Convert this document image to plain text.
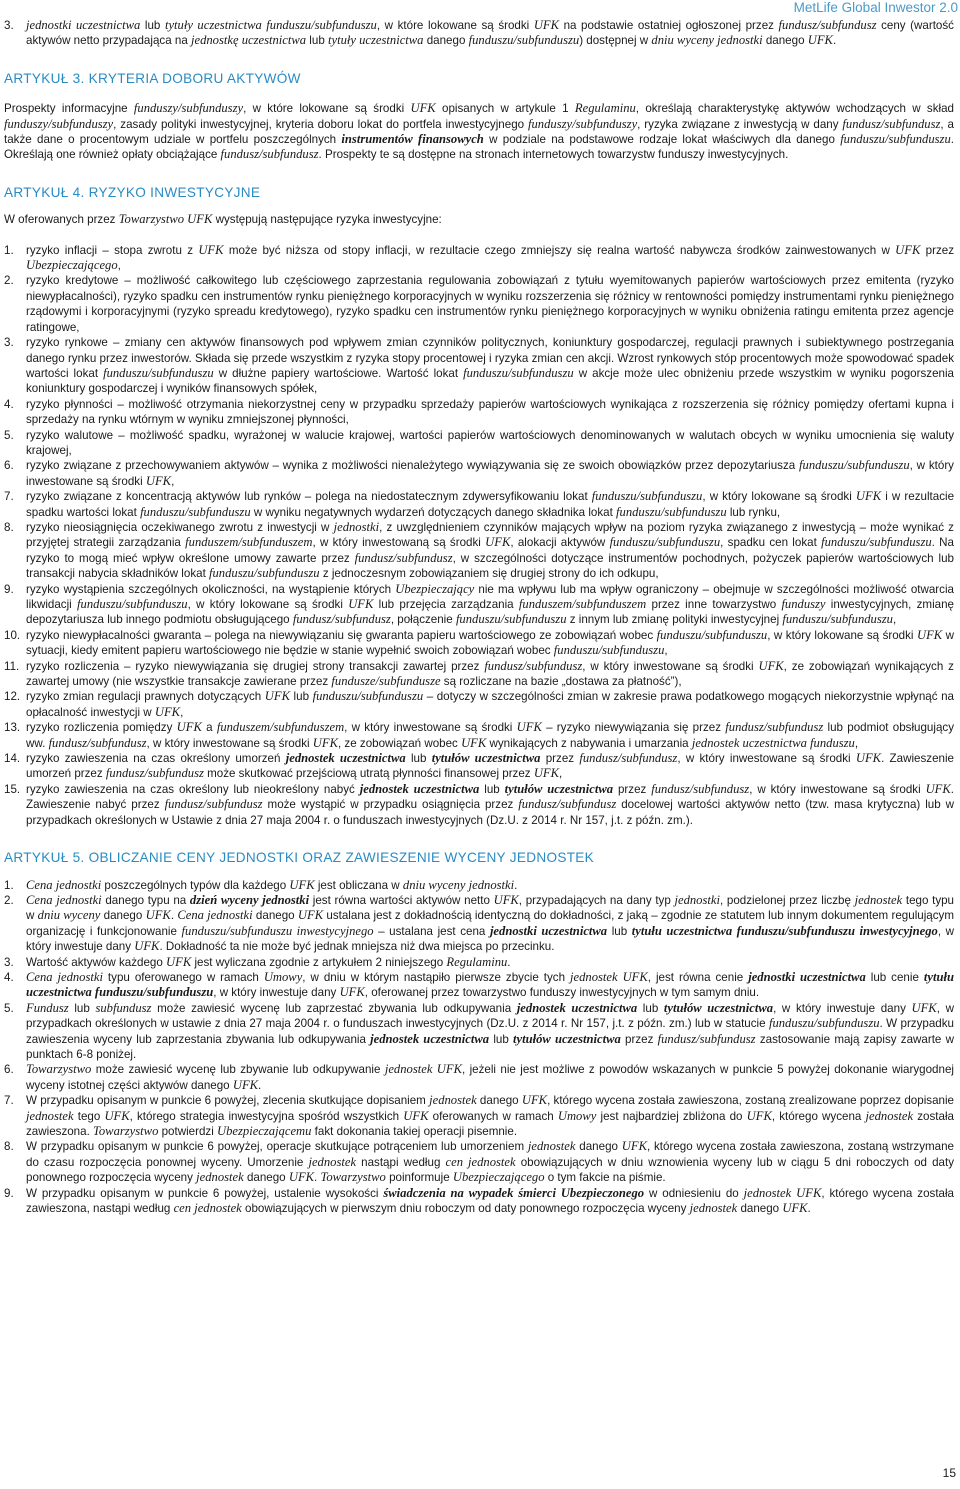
MetLife Global Inwestor 2.0
3. jednostki uczestnictwa lub tytuły uczestnictwa funduszu/subfunduszu, w które lokowane są środki UFK na podstawie ostatniej ogłoszonej przez fundusz/subfundusz ceny (wartość aktywów netto przypadająca na jednostkę uczestnictwa lub tytuły uczestnictwa danego funduszu/subfunduszu) dostępnej w dniu wyceny jednostki danego UFK.
ARTYKUŁ 3. KRYTERIA DOBORU AKTYWÓW

Prospekty informacyjne funduszy/subfunduszy, w które lokowane są środki UFK opisanych w artykule 1 Regulaminu, określają charakterystykę aktywów wchodzących w skład funduszy/subfunduszy, zasady polityki inwestycyjnej, kryteria doboru lokat do portfela inwestycyjnego funduszy/subfunduszy, ryzyka związane z inwestycją w dany fundusz/subfundusz, a także dane o procentowym udziale w portfelu poszczególnych instrumentów finansowych w podziale na podstawowe rodzaje lokat właściwych dla danego funduszu/subfunduszu. Określają one również opłaty obciążające fundusz/subfundusz. Prospekty te są dostępne na stronach internetowych towarzystw funduszy inwestycyjnych.

ARTYKUŁ 4. RYZYKO INWESTYCYJNE

W oferowanych przez Towarzystwo UFK występują następujące ryzyka inwestycyjne:

1. ryzyko inflacji – stopa zwrotu z UFK może być niższa od stopy inflacji, w rezultacie czego zmniejszy się realna wartość nabywcza środków zainwestowanych w UFK przez Ubezpieczającego,
2. ryzyko kredytowe – możliwość całkowitego lub częściowego zaprzestania regulowania zobowiązań z tytułu wyemitowanych papierów wartościowych przez emitenta (ryzyko niewypłacalności), ryzyko spadku cen instrumentów rynku pieniężnego korporacyjnych w wyniku rozszerzenia się różnicy w rentowności pomiędzy instrumentami rynku pieniężnego rządowymi i korporacyjnymi (ryzyko spreadu kredytowego), ryzyko spadku cen instrumentów rynku pieniężnego korporacyjnych w wyniku obniżenia ratingu emitenta przez agencje ratingowe,
3. ryzyko rynkowe – zmiany cen aktywów finansowych pod wpływem zmian czynników politycznych, koniunktury gospodarczej, regulacji prawnych i subiektywnego postrzegania danego rynku przez inwestorów. Składa się przede wszystkim z ryzyka stopy procentowej i ryzyka zmian cen akcji. Wzrost rynkowych stóp procentowych może spowodować spadek wartości lokat funduszu/subfunduszu w dłużne papiery wartościowe. Wartość lokat funduszu/subfunduszu w akcje może ulec obniżeniu przede wszystkim w wyniku pogorszenia koniunktury gospodarczej i wyników finansowych spółek,
4. ryzyko płynności – możliwość otrzymania niekorzystnej ceny w przypadku sprzedaży papierów wartościowych wynikająca z rozszerzenia się różnicy pomiędzy ofertami kupna i sprzedaży na rynku wtórnym w wyniku zmniejszonej płynności,
5. ryzyko walutowe – możliwość spadku, wyrażonej w walucie krajowej, wartości papierów wartościowych denominowanych w walutach obcych w wyniku umocnienia się waluty krajowej,
6. ryzyko związane z przechowywaniem aktywów – wynika z możliwości nienależytego wywiązywania się ze swoich obowiązków przez depozytariusza funduszu/subfunduszu, w który inwestowane są środki UFK,
7. ryzyko związane z koncentracją aktywów lub rynków – polega na niedostatecznym zdywersyfikowaniu lokat funduszu/subfunduszu, w który lokowane są środki UFK i w rezultacie spadku wartości lokat funduszu/subfunduszu w wyniku negatywnych wydarzeń dotyczących danego składnika lokat funduszu/subfunduszu lub rynku,
8. ryzyko nieosiągnięcia oczekiwanego zwrotu z inwestycji w jednostki, z uwzględnieniem czynników mających wpływ na poziom ryzyka związanego z inwestycją – może wynikać z przyjętej strategii zarządzania funduszem/subfunduszem, w który inwestowaną są środki UFK, alokacji aktywów funduszu/subfunduszu, spadku cen lokat funduszu/subfunduszu. Na ryzyko to mogą mieć wpływ określone umowy zawarte przez fundusz/subfundusz, w szczególności dotyczące instrumentów pochodnych, pożyczek papierów wartościowych lub transakcji nabycia składników lokat funduszu/subfunduszu z jednoczesnym zobowiązaniem się drugiej strony do ich odkupu,
9. ryzyko wystąpienia szczególnych okoliczności, na wystąpienie których Ubezpieczający nie ma wpływu lub ma wpływ ograniczony – obejmuje w szczególności możliwość otwarcia likwidacji funduszu/subfunduszu, w który lokowane są środki UFK lub przejęcia zarządzania funduszem/subfunduszem przez inne towarzystwo funduszy inwestycyjnych, zmianę depozytariusza lub innego podmiotu obsługującego fundusz/subfundusz, połączenie funduszu/subfunduszu z innym lub zmianę polityki inwestycyjnej funduszu/subfunduszu,
10. ryzyko niewypłacalności gwaranta – polega na niewywiązaniu się gwaranta papieru wartościowego ze zobowiązań wobec funduszu/subfunduszu, w który lokowane są środki UFK w sytuacji, kiedy emitent papieru wartościowego nie będzie w stanie wypełnić swoich zobowiązań wobec funduszu/subfunduszu,
11. ryzyko rozliczenia – ryzyko niewywiązania się drugiej strony transakcji zawartej przez fundusz/subfundusz, w który inwestowane są środki UFK, ze zobowiązań wynikających z zawartej umowy (nie wszystkie transakcje zawierane przez fundusze/subfundusze są rozliczane na bazie „dostawa za płatność”),
12. ryzyko zmian regulacji prawnych dotyczących UFK lub funduszu/subfunduszu – dotyczy w szczególności zmian w zakresie prawa podatkowego mogących niekorzystnie wpłynąć na opłacalność inwestycji w UFK,
13. ryzyko rozliczenia pomiędzy UFK a funduszem/subfunduszem, w który inwestowane są środki UFK – ryzyko niewywiązania się przez fundusz/subfundusz lub podmiot obsługujący ww. fundusz/subfundusz, w który inwestowane są środki UFK, ze zobowiązań wobec UFK wynikających z nabywania i umarzania jednostek uczestnictwa funduszu,
14. ryzyko zawieszenia na czas określony umorzeń jednostek uczestnictwa lub tytułów uczestnictwa przez fundusz/subfundusz, w który inwestowane są środki UFK. Zawieszenie umorzeń przez fundusz/subfundusz może skutkować przejściową utratą płynności finansowej przez UFK,
15. ryzyko zawieszenia na czas określony lub nieokreślony nabyć jednostek uczestnictwa lub tytułów uczestnictwa przez fundusz/subfundusz, w który inwestowane są środki UFK. Zawieszenie nabyć przez fundusz/subfundusz może wystąpić w przypadku osiągnięcia przez fundusz/subfundusz docelowej wartości aktywów netto (tzw. masa krytyczna) lub w przypadkach określonych w Ustawie z dnia 27 maja 2004 r. o funduszach inwestycyjnych (Dz.U. z 2014 r. Nr 157, j.t. z późn. zm.).
ARTYKUŁ 5. OBLICZANIE CENY JEDNOSTKI ORAZ ZAWIESZENIE WYCENY JEDNOSTEK
1. Cena jednostki poszczególnych typów dla każdego UFK jest obliczana w dniu wyceny jednostki.
2. Cena jednostki danego typu na dzień wyceny jednostki jest równa wartości aktywów netto UFK, przypadających na dany typ jednostki, podzielonej przez liczbę jednostek tego typu w dniu wyceny danego UFK. Cena jednostki danego UFK ustalana jest z dokładnością identyczną do dokładności, z jaką – zgodnie ze statutem lub innym dokumentem regulującym organizację i funkcjonowanie funduszu/subfunduszu inwestycyjnego – ustalana jest cena jednostki uczestnictwa lub tytułu uczestnictwa funduszu/subfunduszu inwestycyjnego, w który inwestuje dany UFK. Dokładność ta nie może być jednak mniejsza niż dwa miejsca po przecinku.
3. Wartość aktywów każdego UFK jest wyliczana zgodnie z artykułem 2 niniejszego Regulaminu.
4. Cena jednostki typu oferowanego w ramach Umowy, w dniu w którym nastąpiło pierwsze zbycie tych jednostek UFK, jest równa cenie jednostki uczestnictwa lub cenie tytułu uczestnictwa funduszu/subfunduszu, w który inwestuje dany UFK, oferowanej przez towarzystwo funduszy inwestycyjnych w tym samym dniu.
5. Fundusz lub subfundusz może zawiesić wycenę lub zaprzestać zbywania lub odkupywania jednostek uczestnictwa lub tytułów uczestnictwa, w który inwestuje dany UFK, w przypadkach określonych w ustawie z dnia 27 maja 2004 r. o funduszach inwestycyjnych (Dz.U. z 2014 r. Nr 157, j.t. z późn. zm.) lub w statucie funduszu/subfunduszu. W przypadku zawieszenia wyceny lub zaprzestania zbywania lub odkupywania jednostek uczestnictwa lub tytułów uczestnictwa przez fundusz/subfundusz zastosowanie mają zapisy zawarte w punktach 6-8 poniżej.
6. Towarzystwo może zawiesić wycenę lub zbywanie lub odkupywanie jednostek UFK, jeżeli nie jest możliwe z powodów wskazanych w punkcie 5 powyżej dokonanie wiarygodnej wyceny istotnej części aktywów danego UFK.
7. W przypadku opisanym w punkcie 6 powyżej, zlecenia skutkujące dopisaniem jednostek danego UFK, którego wycena została zawieszona, zostaną zrealizowane poprzez dopisanie jednostek tego UFK, którego strategia inwestycyjna spośród wszystkich UFK oferowanych w ramach Umowy jest najbardziej zbliżona do UFK, którego wycena jednostek została zawieszona. Towarzystwo potwierdzi Ubezpieczającemu fakt dokonania takiej operacji pisemnie.
8. W przypadku opisanym w punkcie 6 powyżej, operacje skutkujące potrąceniem lub umorzeniem jednostek danego UFK, którego wycena została zawieszona, zostaną wstrzymane do czasu rozpoczęcia ponownej wyceny. Umorzenie jednostek nastąpi według cen jednostek obowiązujących w dniu wznowienia wyceny lub w ciągu 5 dni roboczych od daty ponownego rozpoczęcia wyceny jednostek danego UFK. Towarzystwo poinformuje Ubezpieczającego o tym fakcie na piśmie.
9. W przypadku opisanym w punkcie 6 powyżej, ustalenie wysokości świadczenia na wypadek śmierci Ubezpieczonego w odniesieniu do jednostek UFK, którego wycena została zawieszona, nastąpi według cen jednostek obowiązujących w pierwszym dniu roboczym od daty ponownego rozpoczęcia wyceny jednostek danego UFK.
15
